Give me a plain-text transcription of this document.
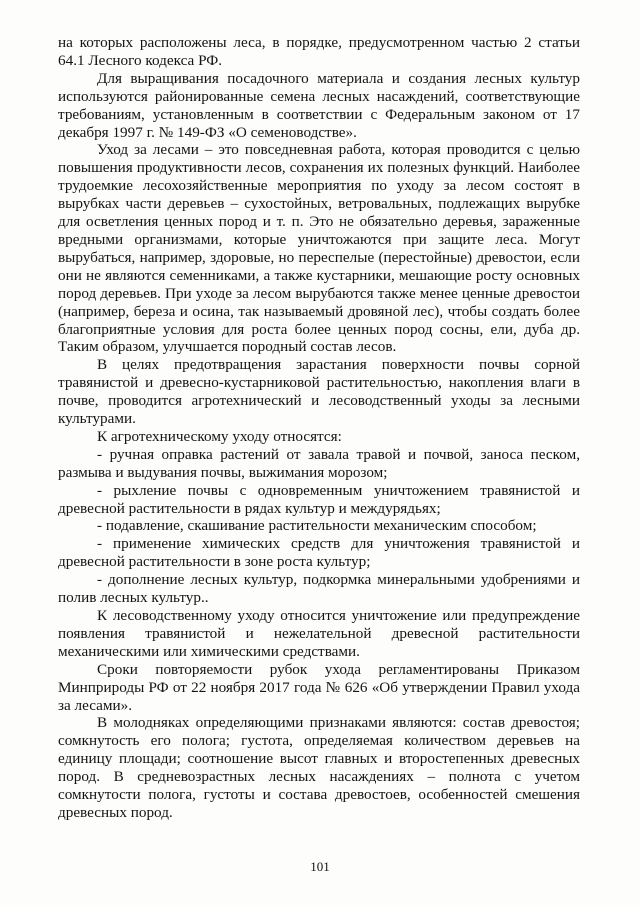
на которых расположены леса, в порядке, предусмотренном частью 2 статьи 64.1 Лесного кодекса РФ.

Для выращивания посадочного материала и создания лесных культур используются районированные семена лесных насаждений, соответствующие требованиям, установленным в соответствии с Федеральным законом от 17 декабря 1997 г. № 149-ФЗ «О семеноводстве».

Уход за лесами – это повседневная работа, которая проводится с целью повышения продуктивности лесов, сохранения их полезных функций. Наиболее трудоемкие лесохозяйственные мероприятия по уходу за лесом состоят в вырубках части деревьев – сухостойных, ветровальных, подлежащих вырубке для осветления ценных пород и т. п. Это не обязательно деревья, зараженные вредными организмами, которые уничтожаются при защите леса. Могут вырубаться, например, здоровые, но переспелые (перестойные) древостои, если они не являются семенниками, а также кустарники, мешающие росту основных пород деревьев. При уходе за лесом вырубаются также менее ценные древостои (например, береза и осина, так называемый дровяной лес), чтобы создать более благоприятные условия для роста более ценных пород сосны, ели, дуба др. Таким образом, улучшается породный состав лесов.

В целях предотвращения зарастания поверхности почвы сорной травянистой и древесно-кустарниковой растительностью, накопления влаги в почве, проводится агротехнический и лесоводственный уходы за лесными культурами.

К агротехническому уходу относятся:

- ручная оправка растений от завала травой и почвой, заноса песком, размыва и выдувания почвы, выжимания морозом;

- рыхление почвы с одновременным уничтожением травянистой и древесной растительности в рядах культур и междурядьях;

- подавление, скашивание растительности механическим способом;

- применение химических средств для уничтожения травянистой и древесной растительности в зоне роста культур;

- дополнение лесных культур, подкормка минеральными удобрениями и полив лесных культур..

К лесоводственному уходу относится уничтожение или предупреждение появления травянистой и нежелательной древесной растительности механическими или химическими средствами.

Сроки повторяемости рубок ухода регламентированы Приказом Минприроды РФ от 22 ноября 2017 года № 626 «Об утверждении Правил ухода за лесами».

В молодняках определяющими признаками являются: состав древостоя; сомкнутость его полога; густота, определяемая количеством деревьев на единицу площади; соотношение высот главных и второстепенных древесных пород. В средневозрастных лесных насаждениях – полнота с учетом сомкнутости полога, густоты и состава древостоев, особенностей смешения древесных пород.

101
